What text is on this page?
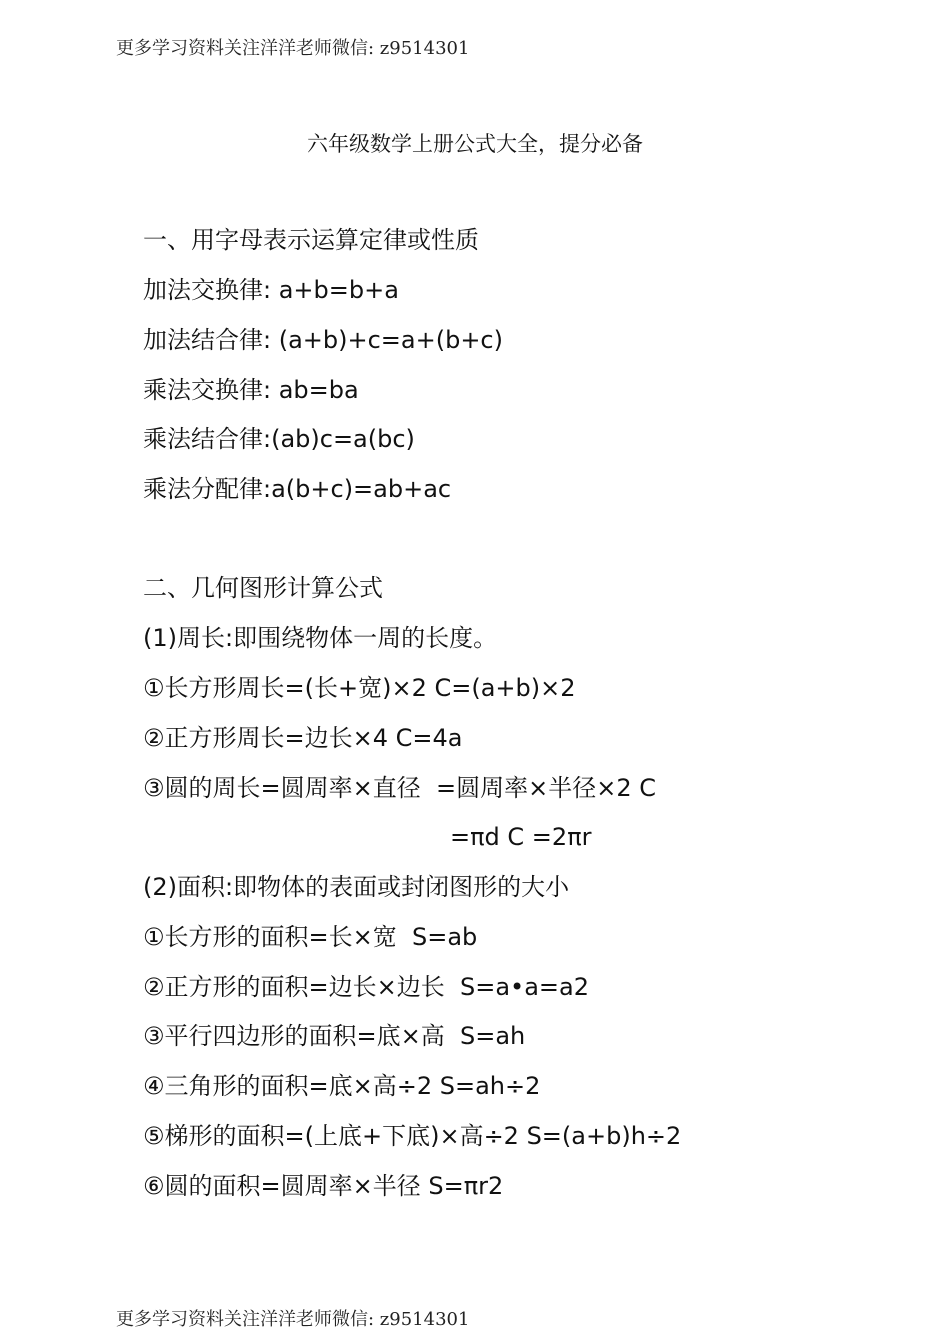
更多学习资料关注洋洋老师微信: z9514301
六年级数学上册公式大全，提分必备
一、用字母表示运算定律或性质
加法交换律: a+b=b+a
加法结合律: (a+b)+c=a+(b+c)
乘法交换律: ab=ba
乘法结合律:(ab)c=a(bc)
乘法分配律:a(b+c)=ab+ac
二、几何图形计算公式
(1)周长:即围绕物体一周的长度。
①长方形周长=(长+宽)×2 C=(a+b)×2
②正方形周长=边长×4 C=4a
③圆的周长=圆周率×直径  =圆周率×半径×2 C
=πd C =2πr
(2)面积:即物体的表面或封闭图形的大小
①长方形的面积=长×宽  S=ab
②正方形的面积=边长×边长  S=a•a=a2
③平行四边形的面积=底×高  S=ah
④三角形的面积=底×高÷2 S=ah÷2
⑤梯形的面积=(上底+下底)×高÷2 S=(a+b)h÷2
⑥圆的面积=圆周率×半径 S=πr2
更多学习资料关注洋洋老师微信: z9514301
